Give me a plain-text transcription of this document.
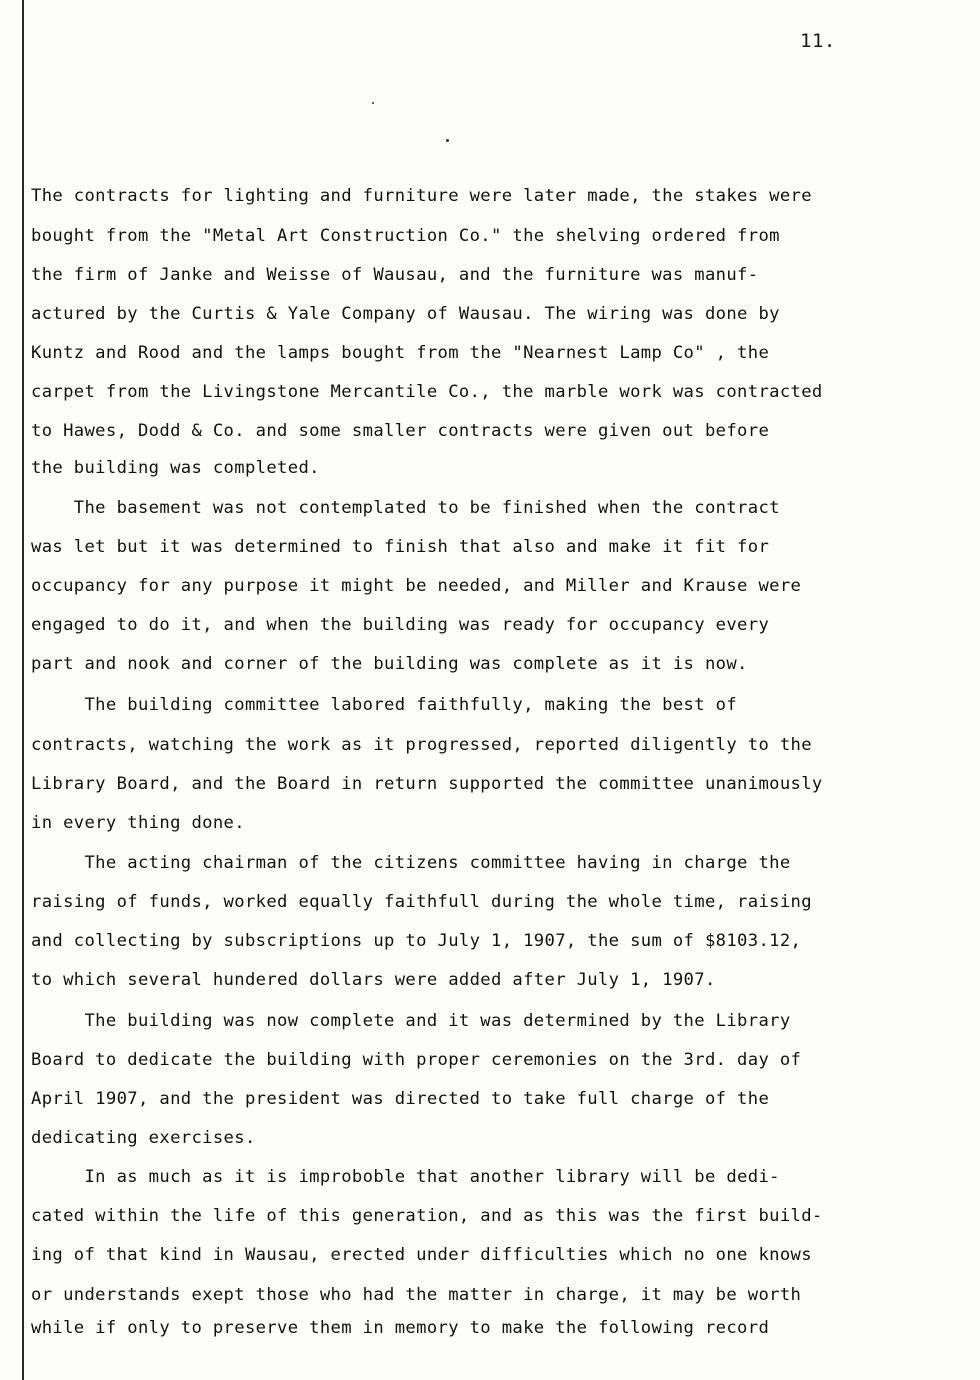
11.
The contracts for lighting and furniture were later made, the stakes were
bought from the "Metal Art Construction Co." the shelving ordered from
the firm of Janke and Weisse of Wausau, and the furniture was manuf-
actured by the Curtis & Yale Company of Wausau. The wiring was done by
Kuntz and Rood and the lamps bought from the "Nearnest Lamp Co" , the
carpet from the Livingstone Mercantile Co., the marble work was contracted
to Hawes, Dodd & Co. and some smaller contracts were given out before
the building was completed.
The basement was not contemplated to be finished when the contract
was let but it was determined to finish that also and make it fit for
occupancy for any purpose it might be needed, and Miller and Krause were
engaged to do it, and when the building was ready for occupancy every
part and nook and corner of the building was complete as it is now.
The building committee labored faithfully, making the best of
contracts, watching the work as it progressed, reported diligently to the
Library Board, and the Board in return supported the committee unanimously
in every thing done.
The acting chairman of the citizens committee having in charge the
raising of funds, worked equally faithfull during the whole time, raising
and collecting by subscriptions up to July 1, 1907, the sum of $8103.12,
to which several hundered dollars were added after July 1, 1907.
The building was now complete and it was determined by the Library
Board to dedicate the building with proper ceremonies on the 3rd. day of
April 1907, and the president was directed to take full charge of the
dedicating exercises.
In as much as it is improboble that another library will be dedi-
cated within the life of this generation, and as this was the first build-
ing of that kind in Wausau, erected under difficulties which no one knows
or understands exept those who had the matter in charge, it may be worth
while if only to preserve them in memory to make the following record
